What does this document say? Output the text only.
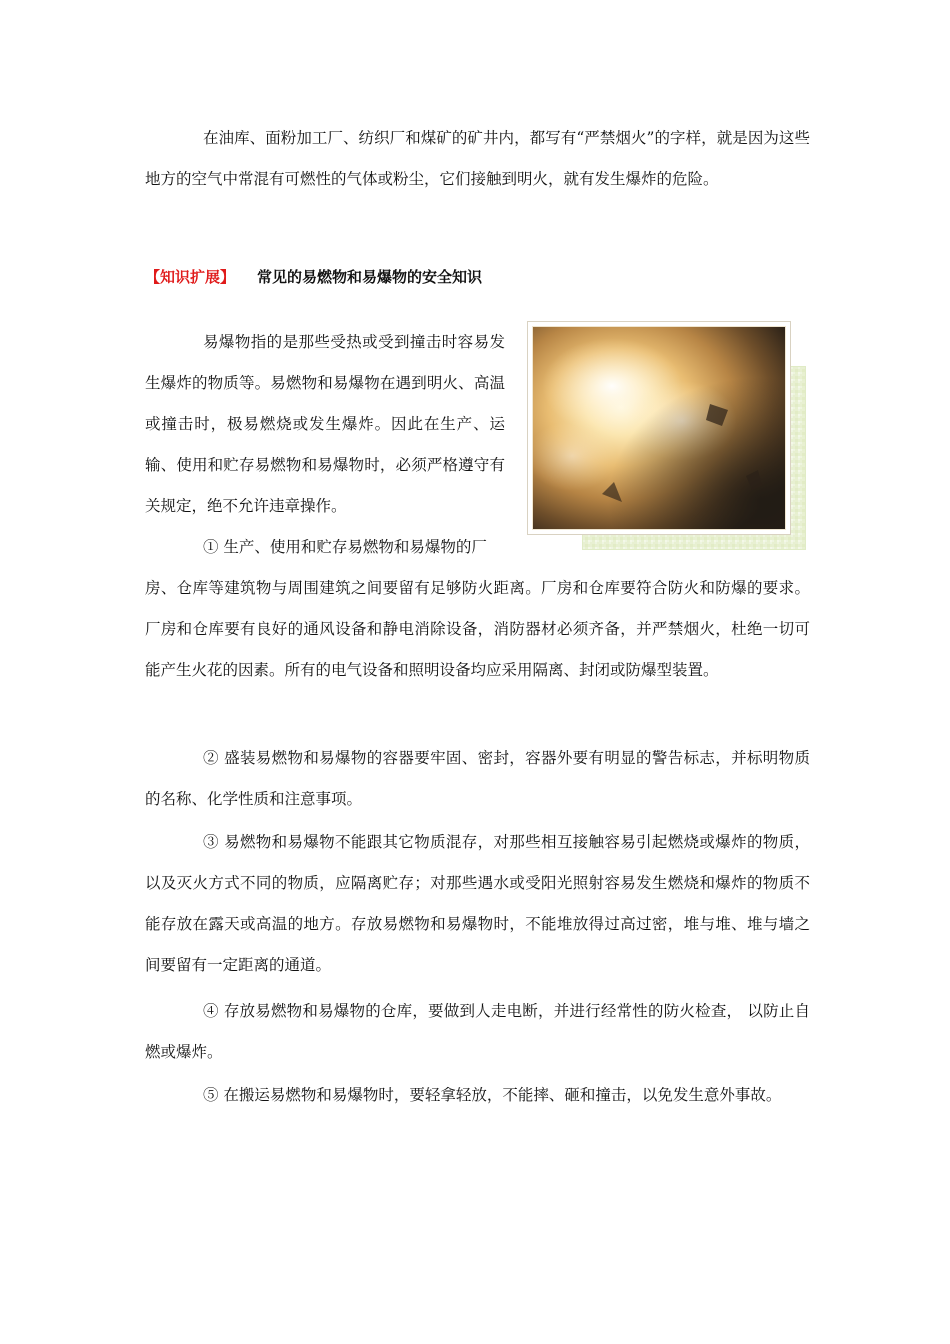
在油库、面粉加工厂、纺织厂和煤矿的矿井内，都写有“严禁烟火”的字样，就是因为这些地方的空气中常混有可燃性的气体或粉尘，它们接触到明火，就有发生爆炸的危险。

【知识扩展】 常见的易燃物和易爆物的安全知识

易爆物指的是那些受热或受到撞击时容易发生爆炸的物质等。易燃物和易爆物在遇到明火、高温或撞击时，极易燃烧或发生爆炸。因此在生产、运输、使用和贮存易燃物和易爆物时，必须严格遵守有关规定，绝不允许违章操作。

① 生产、使用和贮存易燃物和易爆物的厂

房、仓库等建筑物与周围建筑之间要留有足够防火距离。厂房和仓库要符合防火和防爆的要求。厂房和仓库要有良好的通风设备和静电消除设备，消防器材必须齐备，并严禁烟火，杜绝一切可能产生火花的因素。所有的电气设备和照明设备均应采用隔离、封闭或防爆型装置。

② 盛装易燃物和易爆物的容器要牢固、密封，容器外要有明显的警告标志，并标明物质的名称、化学性质和注意事项。

③ 易燃物和易爆物不能跟其它物质混存，对那些相互接触容易引起燃烧或爆炸的物质，以及灭火方式不同的物质，应隔离贮存；对那些遇水或受阳光照射容易发生燃烧和爆炸的物质不能存放在露天或高温的地方。存放易燃物和易爆物时，不能堆放得过高过密，堆与堆、堆与墙之间要留有一定距离的通道。

④ 存放易燃物和易爆物的仓库，要做到人走电断，并进行经常性的防火检查， 以防止自燃或爆炸。

⑤ 在搬运易燃物和易爆物时，要轻拿轻放，不能摔、砸和撞击，以免发生意外事故。
